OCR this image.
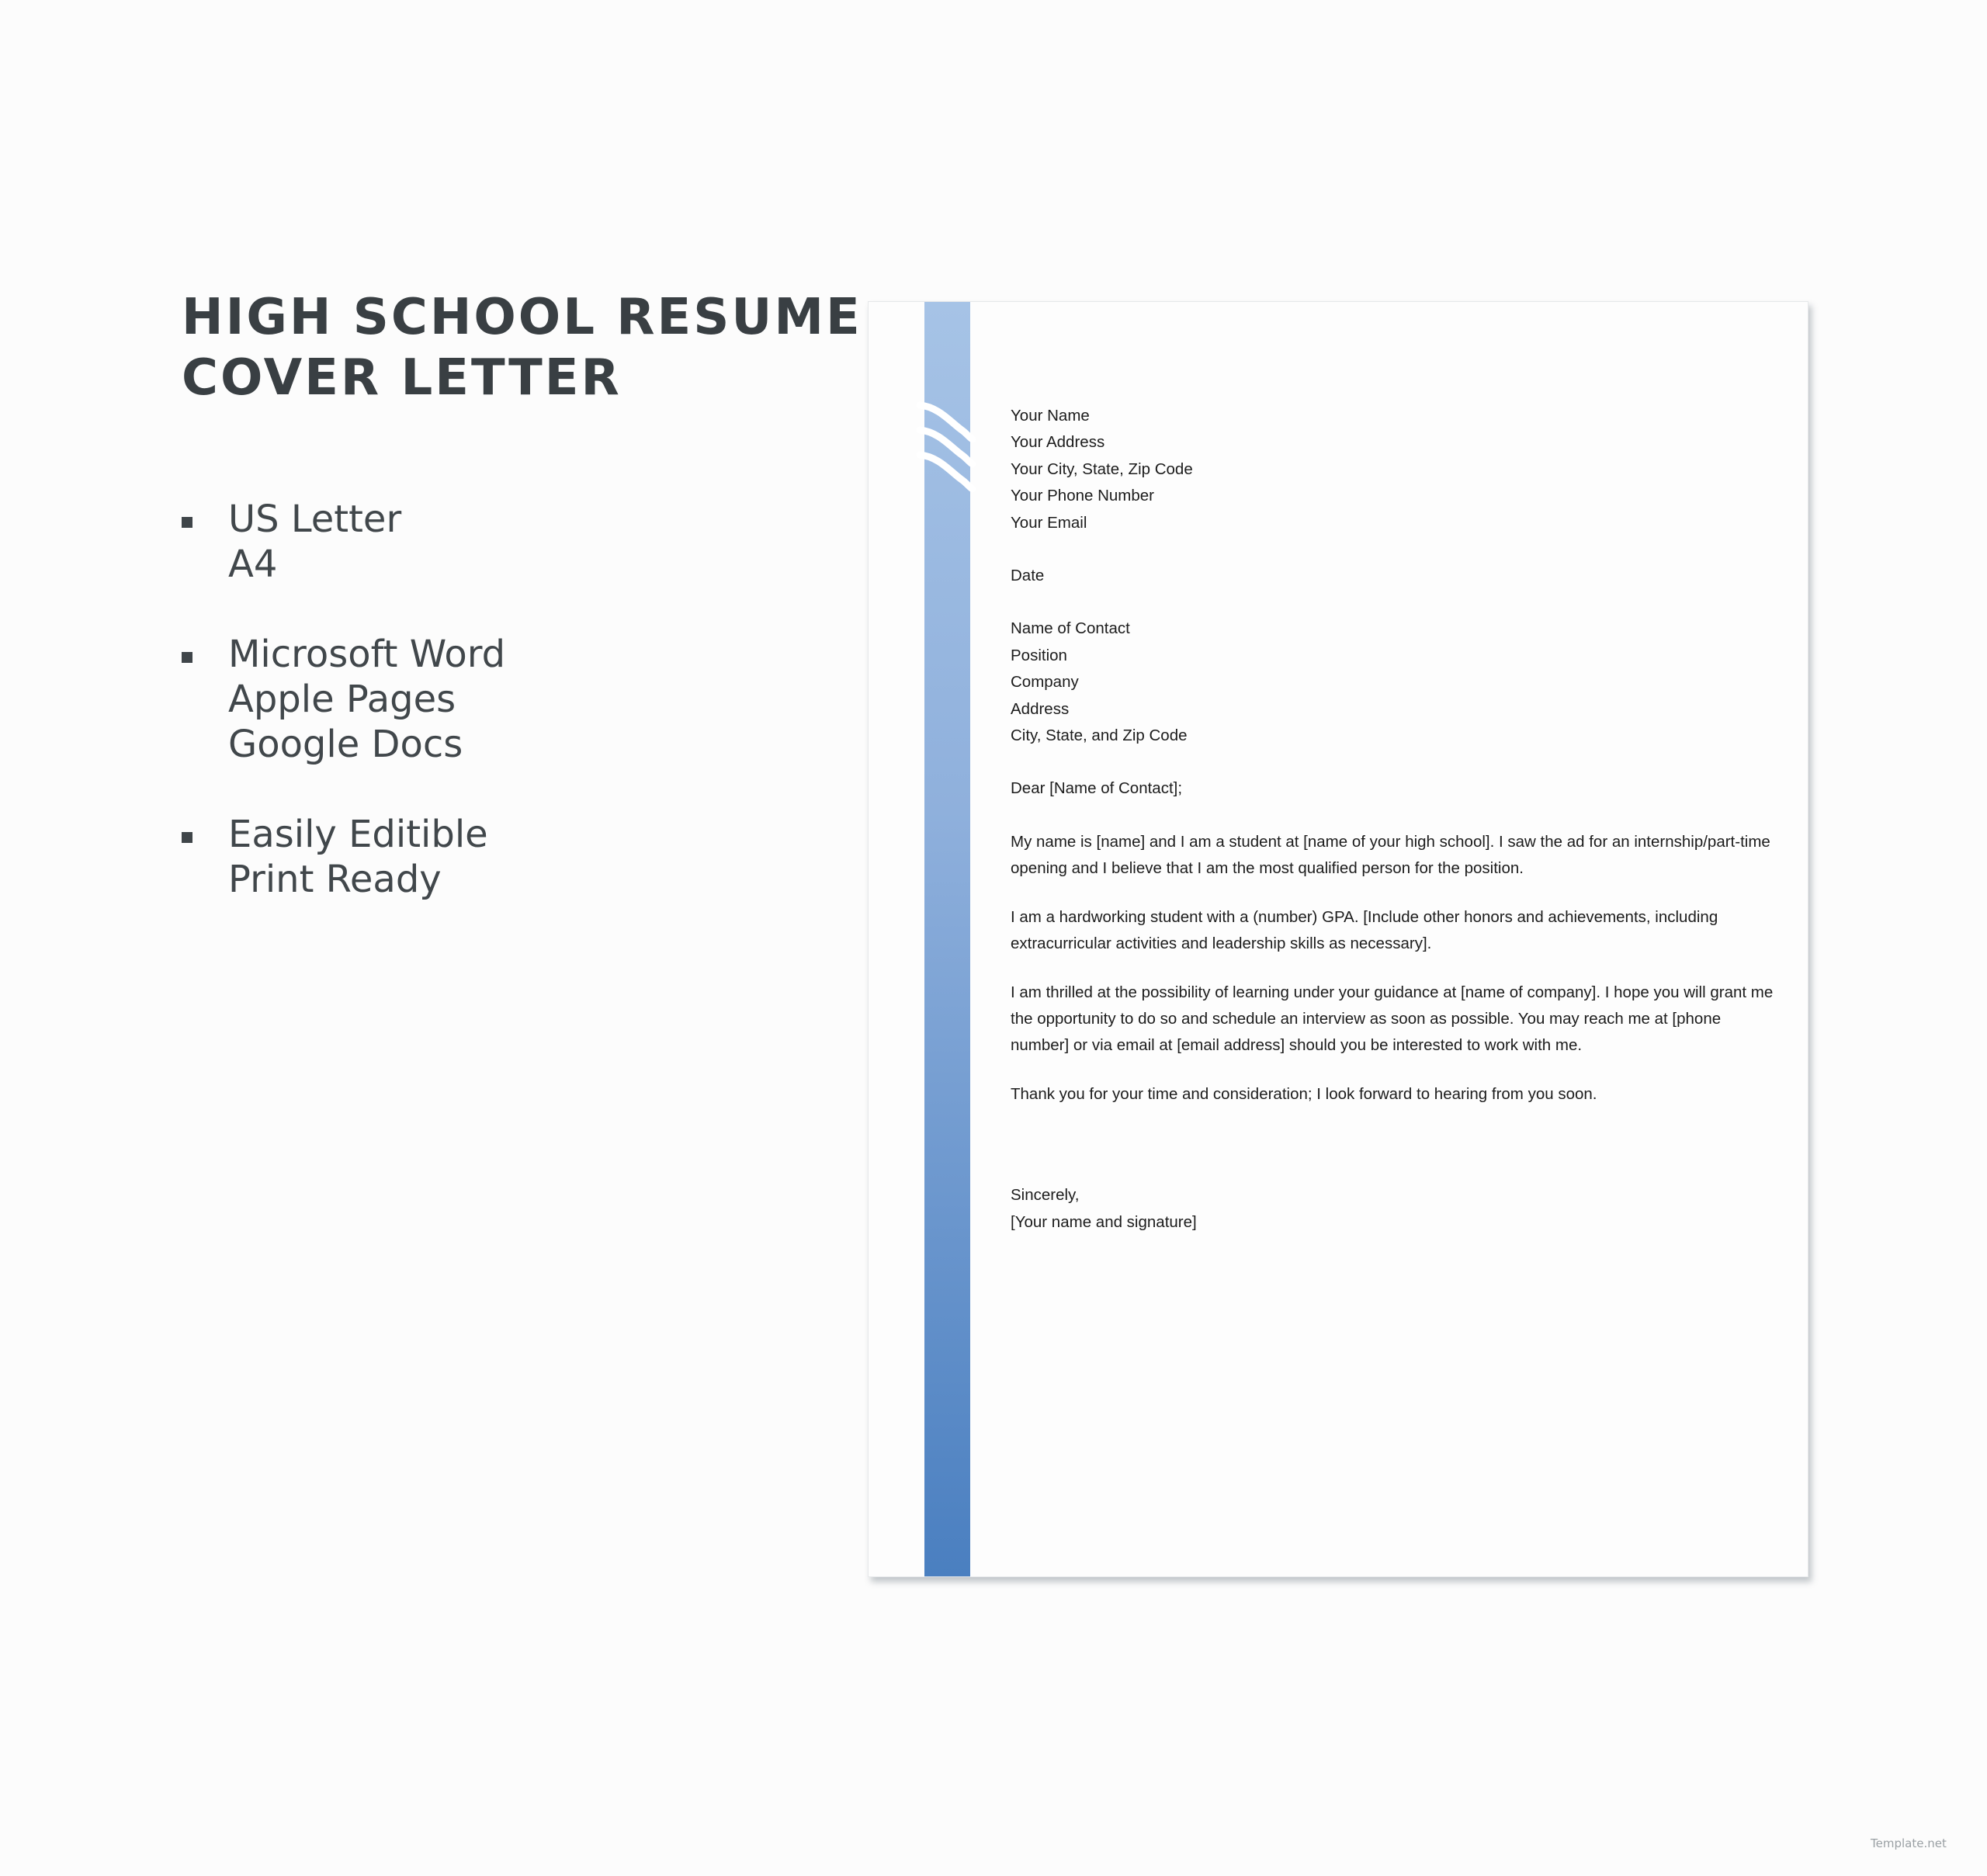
HIGH SCHOOL RESUME
COVER LETTER
US Letter
A4
Microsoft Word
Apple Pages
Google Docs
Easily Editible
Print Ready
Your Name
Your Address
Your City, State, Zip Code
Your Phone Number
Your Email
Date
Name of Contact
Position
Company
Address
City, State, and Zip Code
Dear [Name of Contact];

My name is [name] and I am a student at [name of your high school]. I saw the ad for an internship/part-time opening and I believe that I am the most qualified person for the position.

I am a hardworking student with a (number) GPA. [Include other honors and achievements, including extracurricular activities and leadership skills as necessary].

I am thrilled at the possibility of learning under your guidance at [name of company]. I hope you will grant me the opportunity to do so and schedule an interview as soon as possible. You may reach me at [phone number] or via email at [email address] should you be interested to work with me.

Thank you for your time and consideration; I look forward to hearing from you soon.

Sincerely,
[Your name and signature]
Template.net
